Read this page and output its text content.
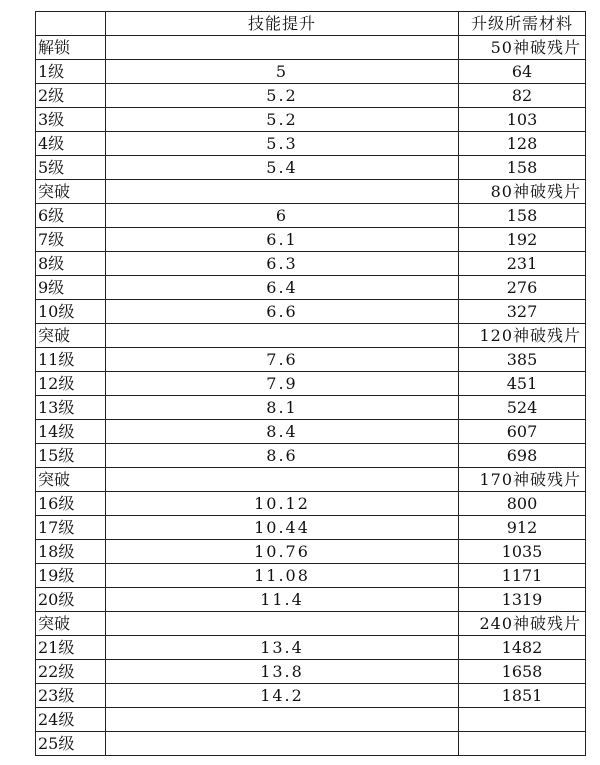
	技能提升	升级所需材料
解锁		50神破残片
1级	5	64
2级	5.2	82
3级	5.2	103
4级	5.3	128
5级	5.4	158
突破		80神破残片
6级	6	158
7级	6.1	192
8级	6.3	231
9级	6.4	276
10级	6.6	327
突破		120神破残片
11级	7.6	385
12级	7.9	451
13级	8.1	524
14级	8.4	607
15级	8.6	698
突破		170神破残片
16级	10.12	800
17级	10.44	912
18级	10.76	1035
19级	11.08	1171
20级	11.4	1319
突破		240神破残片
21级	13.4	1482
22级	13.8	1658
23级	14.2	1851
24级		
25级		
